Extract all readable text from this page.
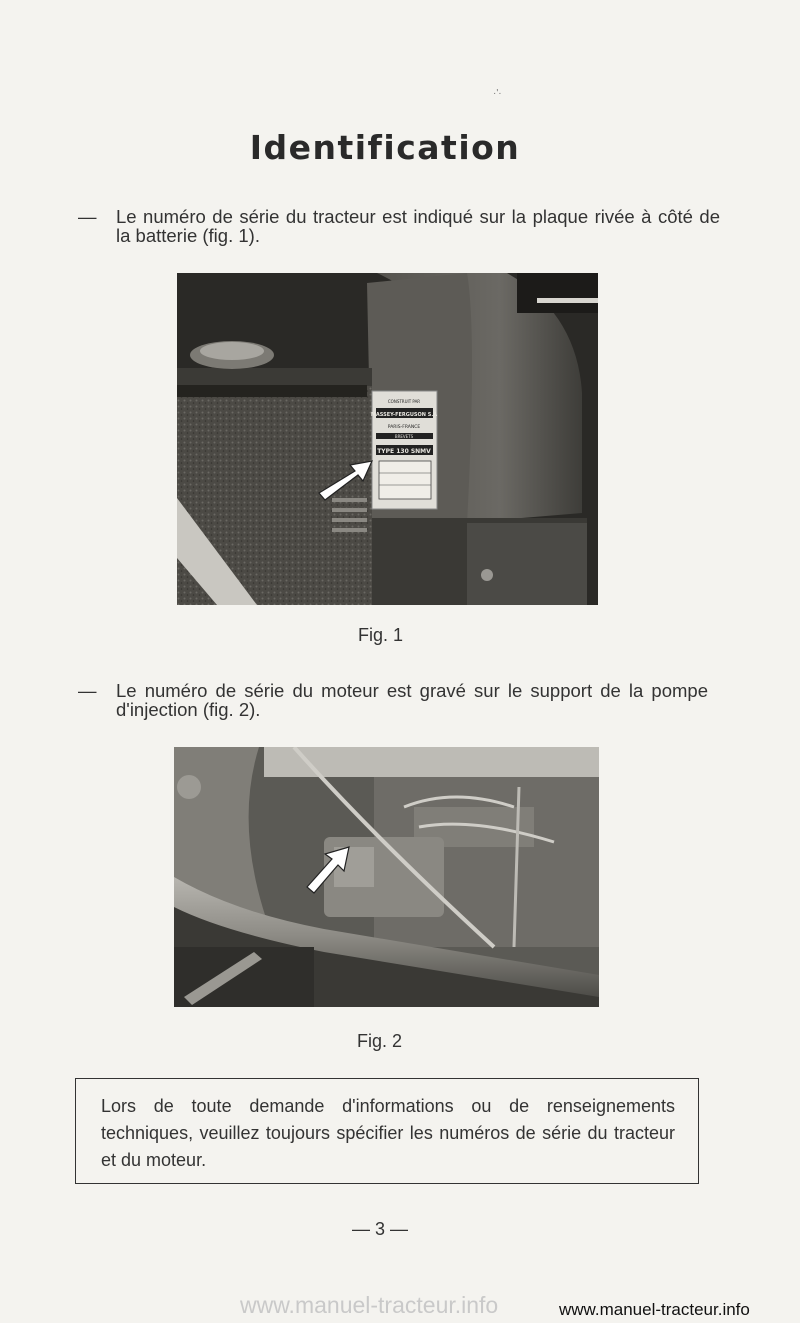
·'·
Identification
— Le numéro de série du tracteur est indiqué sur la plaque rivée à côté de la batterie (fig. 1).
CONSTRUIT PAR
MASSEY-FERGUSON S.A
PARIS-FRANCE
BREVETS
TYPE 130 SNMV
Fig. 1
— Le numéro de série du moteur est gravé sur le support de la pompe d'injection (fig. 2).
Fig. 2

Lors de toute demande d'informations ou de renseignements techniques, veuillez toujours spécifier les numéros de série du tracteur et du moteur.

— 3 —
www.manuel-tracteur.info	www.manuel-tracteur.info
